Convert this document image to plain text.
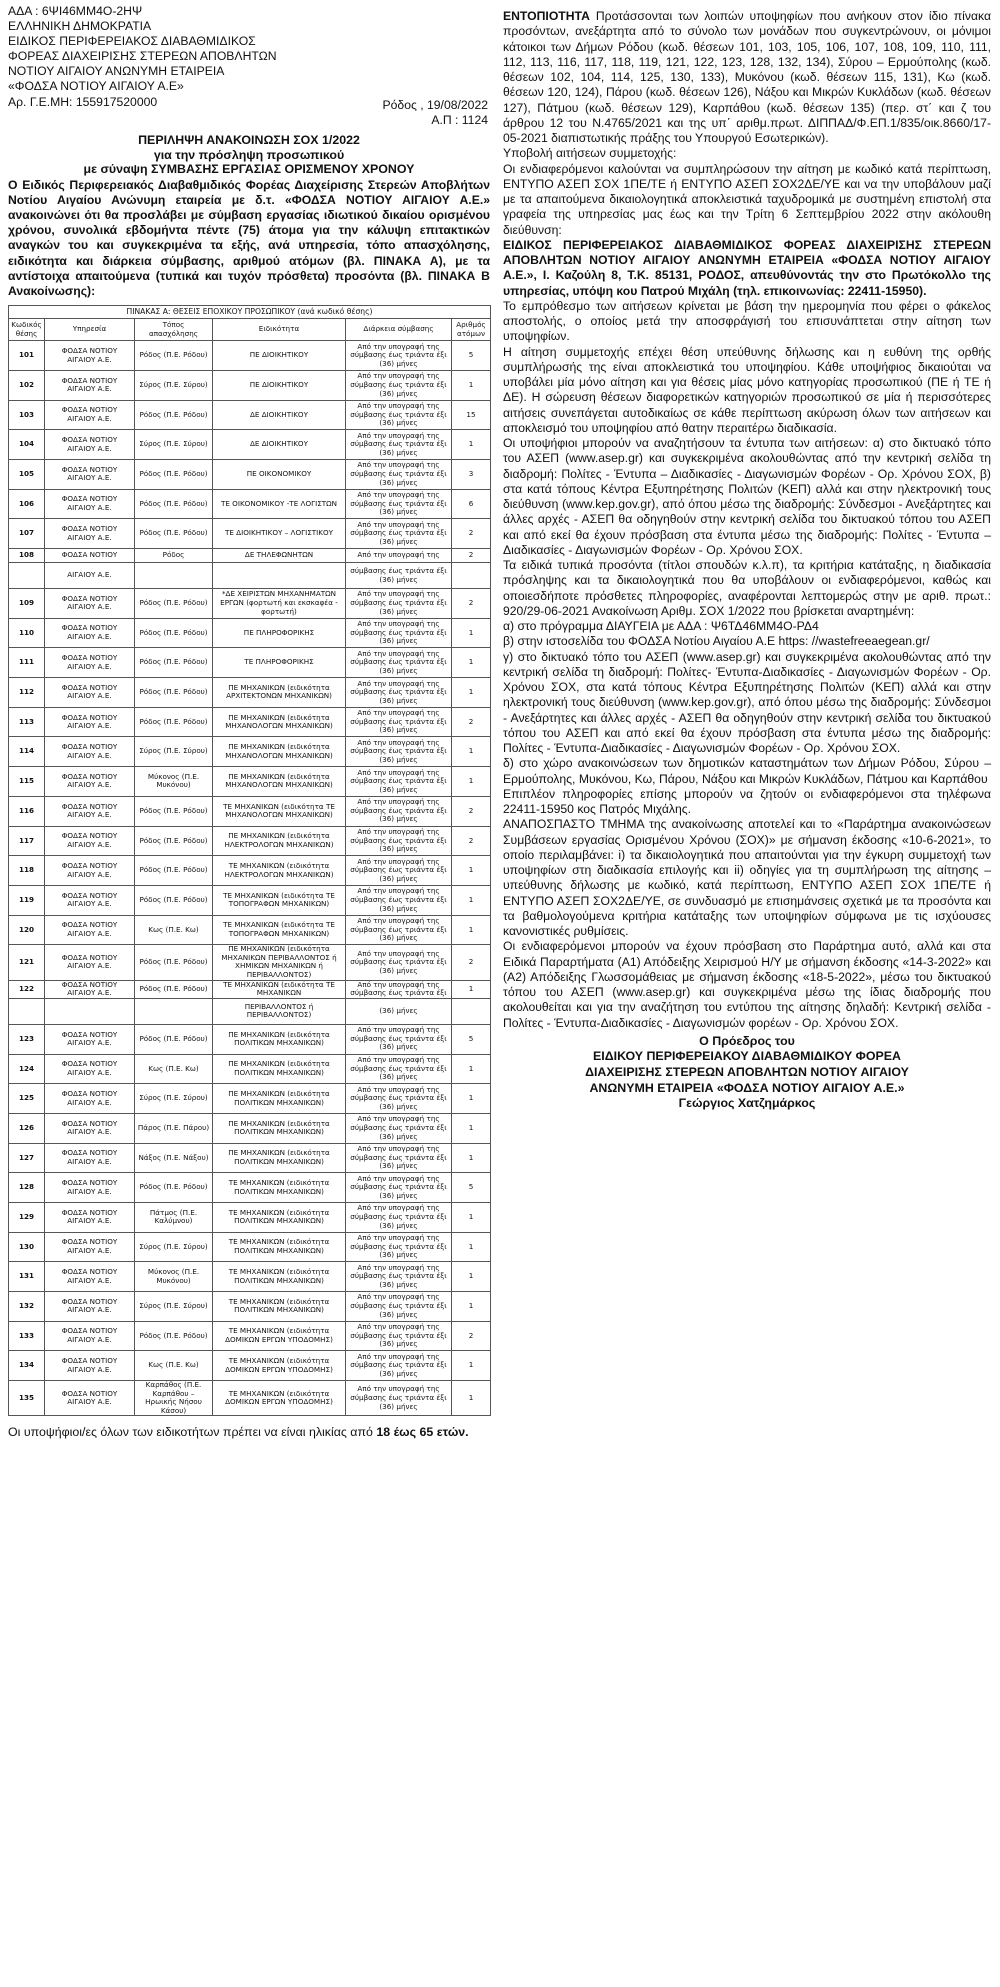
ΑΔΑ : 6ΨΙ46ΜΜ4Ο-2ΗΨ
ΕΛΛΗΝΙΚΗ ΔΗΜΟΚΡΑΤΙΑ
ΕΙΔΙΚΟΣ ΠΕΡΙΦΕΡΕΙΑΚΟΣ ΔΙΑΒΑΘΜΙΔΙΚΟΣ
ΦΟΡΕΑΣ ΔΙΑΧΕΙΡΙΣΗΣ ΣΤΕΡΕΩΝ ΑΠΟΒΛΗΤΩΝ
ΝΟΤΙΟΥ ΑΙΓΑΙΟΥ ΑΝΩΝΥΜΗ ΕΤΑΙΡΕΙΑ
«ΦΟΔΣΑ ΝΟΤΙΟΥ ΑΙΓΑΙΟΥ Α.Ε»
Αρ. Γ.Ε.ΜΗ: 155917520000	Ρόδος , 19/08/2022
Α.Π : 1124
ΠΕΡΙΛΗΨΗ ΑΝΑΚΟΙΝΩΣΗ ΣΟΧ 1/2022
για την πρόσληψη προσωπικού
με σύναψη ΣΥΜΒΑΣΗΣ ΕΡΓΑΣΙΑΣ ΟΡΙΣΜΕΝΟΥ ΧΡΟΝΟΥ
Ο Ειδικός Περιφερειακός Διαβαθμιδικός Φορέας Διαχείρισης Στερεών Αποβλήτων Νοτίου Αιγαίου Ανώνυμη εταιρεία με δ.τ. «ΦΟΔΣΑ ΝΟΤΙΟΥ ΑΙΓΑΙΟΥ Α.Ε.» ανακοινώνει ότι θα προσλάβει με σύμβαση εργασίας ιδιωτικού δικαίου ορισμένου χρόνου, συνολικά εβδομήντα πέντε (75) άτομα για την κάλυψη επιτακτικών αναγκών του και συγκεκριμένα τα εξής, ανά υπηρεσία, τόπο απασχόλησης, ειδικότητα και διάρκεια σύμβασης, αριθμού ατόμων (βλ. ΠΙΝΑΚΑ Α), με τα αντίστοιχα απαιτούμενα (τυπικά και τυχόν πρόσθετα) προσόντα (βλ. ΠΙΝΑΚΑ Β Ανακοίνωσης):
ΠΙΝΑΚΑΣ Α: ΘΕΣΕΙΣ ΕΠΟΧΙΚΟΥ ΠΡΟΣΩΠΙΚΟΥ (ανά κωδικό θέσης)					
Κωδικός θέσης	Υπηρεσία	Τόπος απασχόλησης	Ειδικότητα	Διάρκεια σύμβασης	Αριθμός ατόμων
101	ΦΟΔΣΑ ΝΟΤΙΟΥ ΑΙΓΑΙΟΥ Α.Ε.	Ρόδος (Π.Ε. Ρόδου)	ΠΕ ΔΙΟΙΚΗΤΙΚΟΥ	Από την υπογραφή της σύμβασης έως τριάντα έξι (36) μήνες	5
102	ΦΟΔΣΑ ΝΟΤΙΟΥ ΑΙΓΑΙΟΥ Α.Ε.	Σύρος (Π.Ε. Σύρου)	ΠΕ ΔΙΟΙΚΗΤΙΚΟΥ	Από την υπογραφή της σύμβασης έως τριάντα έξι (36) μήνες	1
103	ΦΟΔΣΑ ΝΟΤΙΟΥ ΑΙΓΑΙΟΥ Α.Ε.	Ρόδος (Π.Ε. Ρόδου)	ΔΕ ΔΙΟΙΚΗΤΙΚΟΥ	Από την υπογραφή της σύμβασης έως τριάντα έξι (36) μήνες	15
104	ΦΟΔΣΑ ΝΟΤΙΟΥ ΑΙΓΑΙΟΥ Α.Ε.	Σύρος (Π.Ε. Σύρου)	ΔΕ ΔΙΟΙΚΗΤΙΚΟΥ	Από την υπογραφή της σύμβασης έως τριάντα έξι (36) μήνες	1
105	ΦΟΔΣΑ ΝΟΤΙΟΥ ΑΙΓΑΙΟΥ Α.Ε.	Ρόδος (Π.Ε. Ρόδου)	ΠΕ ΟΙΚΟΝΟΜΙΚΟΥ	Από την υπογραφή της σύμβασης έως τριάντα έξι (36) μήνες	3
106	ΦΟΔΣΑ ΝΟΤΙΟΥ ΑΙΓΑΙΟΥ Α.Ε.	Ρόδος (Π.Ε. Ρόδου)	ΤΕ ΟΙΚΟΝΟΜΙΚΟΥ -ΤΕ ΛΟΓΙΣΤΩΝ	Από την υπογραφή της σύμβασης έως τριάντα έξι (36) μήνες	6
107	ΦΟΔΣΑ ΝΟΤΙΟΥ ΑΙΓΑΙΟΥ Α.Ε.	Ρόδος (Π.Ε. Ρόδου)	ΤΕ ΔΙΟΙΚΗΤΙΚΟΥ – ΛΟΓΙΣΤΙΚΟΥ	Από την υπογραφή της σύμβασης έως τριάντα έξι (36) μήνες	2
108	ΦΟΔΣΑ ΝΟΤΙΟΥ	Ρόδος	ΔΕ ΤΗΛΕΦΩΝΗΤΩΝ	Από την υπογραφή της	2
	ΑΙΓΑΙΟΥ Α.Ε.			σύμβασης έως τριάντα έξι (36) μήνες	
109	ΦΟΔΣΑ ΝΟΤΙΟΥ ΑΙΓΑΙΟΥ Α.Ε.	Ρόδος (Π.Ε. Ρόδου)	*ΔΕ ΧΕΙΡΙΣΤΩΝ ΜΗΧΑΝΗΜΑΤΩΝ ΕΡΓΩΝ (φορτωτή και εκσκαφέα - φορτωτή)	Από την υπογραφή της σύμβασης έως τριάντα έξι (36) μήνες	2
110	ΦΟΔΣΑ ΝΟΤΙΟΥ ΑΙΓΑΙΟΥ Α.Ε.	Ρόδος (Π.Ε. Ρόδου)	ΠΕ ΠΛΗΡΟΦΟΡΙΚΗΣ	Από την υπογραφή της σύμβασης έως τριάντα έξι (36) μήνες	1
111	ΦΟΔΣΑ ΝΟΤΙΟΥ ΑΙΓΑΙΟΥ Α.Ε.	Ρόδος (Π.Ε. Ρόδου)	ΤΕ ΠΛΗΡΟΦΟΡΙΚΗΣ	Από την υπογραφή της σύμβασης έως τριάντα έξι (36) μήνες	1
112	ΦΟΔΣΑ ΝΟΤΙΟΥ ΑΙΓΑΙΟΥ Α.Ε.	Ρόδος (Π.Ε. Ρόδου)	ΠΕ ΜΗΧΑΝΙΚΩΝ (ειδικότητα ΑΡΧΙΤΕΚΤΟΝΩΝ ΜΗΧΑΝΙΚΩΝ)	Από την υπογραφή της σύμβασης έως τριάντα έξι (36) μήνες	1
113	ΦΟΔΣΑ ΝΟΤΙΟΥ ΑΙΓΑΙΟΥ Α.Ε.	Ρόδος (Π.Ε. Ρόδου)	ΠΕ ΜΗΧΑΝΙΚΩΝ (ειδικότητα ΜΗΧΑΝΟΛΟΓΩΝ ΜΗΧΑΝΙΚΩΝ)	Από την υπογραφή της σύμβασης έως τριάντα έξι (36) μήνες	2
114	ΦΟΔΣΑ ΝΟΤΙΟΥ ΑΙΓΑΙΟΥ Α.Ε.	Σύρος (Π.Ε. Σύρου)	ΠΕ ΜΗΧΑΝΙΚΩΝ (ειδικότητα ΜΗΧΑΝΟΛΟΓΩΝ ΜΗΧΑΝΙΚΩΝ)	Από την υπογραφή της σύμβασης έως τριάντα έξι (36) μήνες	1
115	ΦΟΔΣΑ ΝΟΤΙΟΥ ΑΙΓΑΙΟΥ Α.Ε.	Μύκονος (Π.Ε. Μυκόνου)	ΠΕ ΜΗΧΑΝΙΚΩΝ (ειδικότητα ΜΗΧΑΝΟΛΟΓΩΝ ΜΗΧΑΝΙΚΩΝ)	Από την υπογραφή της σύμβασης έως τριάντα έξι (36) μήνες	1
116	ΦΟΔΣΑ ΝΟΤΙΟΥ ΑΙΓΑΙΟΥ Α.Ε.	Ρόδος (Π.Ε. Ρόδου)	ΤΕ ΜΗΧΑΝΙΚΩΝ (ειδικότητα ΤΕ ΜΗΧΑΝΟΛΟΓΩΝ ΜΗΧΑΝΙΚΩΝ)	Από την υπογραφή της σύμβασης έως τριάντα έξι (36) μήνες	2
117	ΦΟΔΣΑ ΝΟΤΙΟΥ ΑΙΓΑΙΟΥ Α.Ε.	Ρόδος (Π.Ε. Ρόδου)	ΠΕ ΜΗΧΑΝΙΚΩΝ (ειδικότητα ΗΛΕΚΤΡΟΛΟΓΩΝ ΜΗΧΑΝΙΚΩΝ)	Από την υπογραφή της σύμβασης έως τριάντα έξι (36) μήνες	2
118	ΦΟΔΣΑ ΝΟΤΙΟΥ ΑΙΓΑΙΟΥ Α.Ε.	Ρόδος (Π.Ε. Ρόδου)	ΤΕ ΜΗΧΑΝΙΚΩΝ (ειδικότητα ΗΛΕΚΤΡΟΛΟΓΩΝ ΜΗΧΑΝΙΚΩΝ)	Από την υπογραφή της σύμβασης έως τριάντα έξι (36) μήνες	1
119	ΦΟΔΣΑ ΝΟΤΙΟΥ ΑΙΓΑΙΟΥ Α.Ε.	Ρόδος (Π.Ε. Ρόδου)	ΤΕ ΜΗΧΑΝΙΚΩΝ (ειδικότητα ΤΕ ΤΟΠΟΓΡΑΦΩΝ ΜΗΧΑΝΙΚΩΝ)	Από την υπογραφή της σύμβασης έως τριάντα έξι (36) μήνες	1
120	ΦΟΔΣΑ ΝΟΤΙΟΥ ΑΙΓΑΙΟΥ Α.Ε.	Κως (Π.Ε. Κω)	ΤΕ ΜΗΧΑΝΙΚΩΝ (ειδικότητα ΤΕ ΤΟΠΟΓΡΑΦΩΝ ΜΗΧΑΝΙΚΩΝ)	Από την υπογραφή της σύμβασης έως τριάντα έξι (36) μήνες	1
121	ΦΟΔΣΑ ΝΟΤΙΟΥ ΑΙΓΑΙΟΥ Α.Ε.	Ρόδος (Π.Ε. Ρόδου)	ΠΕ ΜΗΧΑΝΙΚΩΝ (ειδικότητα ΜΗΧΑΝΙΚΩΝ ΠΕΡΙΒΑΛΛΟΝΤΟΣ ή ΧΗΜΙΚΩΝ ΜΗΧΑΝΙΚΩΝ ή ΠΕΡΙΒΑΛΛΟΝΤΟΣ)	Από την υπογραφή της σύμβασης έως τριάντα έξι (36) μήνες	2
122	ΦΟΔΣΑ ΝΟΤΙΟΥ ΑΙΓΑΙΟΥ Α.Ε.	Ρόδος (Π.Ε. Ρόδου)	ΤΕ ΜΗΧΑΝΙΚΩΝ (ειδικότητα ΤΕ ΜΗΧΑΝΙΚΩΝ	Από την υπογραφή της σύμβασης έως τριάντα έξι	1
			ΠΕΡΙΒΑΛΛΟΝΤΟΣ ή ΠΕΡΙΒΑΛΛΟΝΤΟΣ)	(36) μήνες	
123	ΦΟΔΣΑ ΝΟΤΙΟΥ ΑΙΓΑΙΟΥ Α.Ε.	Ρόδος (Π.Ε. Ρόδου)	ΠΕ ΜΗΧΑΝΙΚΩΝ (ειδικότητα ΠΟΛΙΤΙΚΩΝ ΜΗΧΑΝΙΚΩΝ)	Από την υπογραφή της σύμβασης έως τριάντα έξι (36) μήνες	5
124	ΦΟΔΣΑ ΝΟΤΙΟΥ ΑΙΓΑΙΟΥ Α.Ε.	Κως (Π.Ε. Κω)	ΠΕ ΜΗΧΑΝΙΚΩΝ (ειδικότητα ΠΟΛΙΤΙΚΩΝ ΜΗΧΑΝΙΚΩΝ)	Από την υπογραφή της σύμβασης έως τριάντα έξι (36) μήνες	1
125	ΦΟΔΣΑ ΝΟΤΙΟΥ ΑΙΓΑΙΟΥ Α.Ε.	Σύρος (Π.Ε. Σύρου)	ΠΕ ΜΗΧΑΝΙΚΩΝ (ειδικότητα ΠΟΛΙΤΙΚΩΝ ΜΗΧΑΝΙΚΩΝ)	Από την υπογραφή της σύμβασης έως τριάντα έξι (36) μήνες	1
126	ΦΟΔΣΑ ΝΟΤΙΟΥ ΑΙΓΑΙΟΥ Α.Ε.	Πάρος (Π.Ε. Πάρου)	ΠΕ ΜΗΧΑΝΙΚΩΝ (ειδικότητα ΠΟΛΙΤΙΚΩΝ ΜΗΧΑΝΙΚΩΝ)	Από την υπογραφή της σύμβασης έως τριάντα έξι (36) μήνες	1
127	ΦΟΔΣΑ ΝΟΤΙΟΥ ΑΙΓΑΙΟΥ Α.Ε.	Νάξος (Π.Ε. Νάξου)	ΠΕ ΜΗΧΑΝΙΚΩΝ (ειδικότητα ΠΟΛΙΤΙΚΩΝ ΜΗΧΑΝΙΚΩΝ)	Από την υπογραφή της σύμβασης έως τριάντα έξι (36) μήνες	1
128	ΦΟΔΣΑ ΝΟΤΙΟΥ ΑΙΓΑΙΟΥ Α.Ε.	Ρόδος (Π.Ε. Ρόδου)	ΤΕ ΜΗΧΑΝΙΚΩΝ (ειδικότητα ΠΟΛΙΤΙΚΩΝ ΜΗΧΑΝΙΚΩΝ)	Από την υπογραφή της σύμβασης έως τριάντα έξι (36) μήνες	5
129	ΦΟΔΣΑ ΝΟΤΙΟΥ ΑΙΓΑΙΟΥ Α.Ε.	Πάτμος (Π.Ε. Καλύμνου)	ΤΕ ΜΗΧΑΝΙΚΩΝ (ειδικότητα ΠΟΛΙΤΙΚΩΝ ΜΗΧΑΝΙΚΩΝ)	Από την υπογραφή της σύμβασης έως τριάντα έξι (36) μήνες	1
130	ΦΟΔΣΑ ΝΟΤΙΟΥ ΑΙΓΑΙΟΥ Α.Ε.	Σύρος (Π.Ε. Σύρου)	ΤΕ ΜΗΧΑΝΙΚΩΝ (ειδικότητα ΠΟΛΙΤΙΚΩΝ ΜΗΧΑΝΙΚΩΝ)	Από την υπογραφή της σύμβασης έως τριάντα έξι (36) μήνες	1
131	ΦΟΔΣΑ ΝΟΤΙΟΥ ΑΙΓΑΙΟΥ Α.Ε.	Μύκονος (Π.Ε. Μυκόνου)	ΤΕ ΜΗΧΑΝΙΚΩΝ (ειδικότητα ΠΟΛΙΤΙΚΩΝ ΜΗΧΑΝΙΚΩΝ)	Από την υπογραφή της σύμβασης έως τριάντα έξι (36) μήνες	1
132	ΦΟΔΣΑ ΝΟΤΙΟΥ ΑΙΓΑΙΟΥ Α.Ε.	Σύρος (Π.Ε. Σύρου)	ΤΕ ΜΗΧΑΝΙΚΩΝ (ειδικότητα ΠΟΛΙΤΙΚΩΝ ΜΗΧΑΝΙΚΩΝ)	Από την υπογραφή της σύμβασης έως τριάντα έξι (36) μήνες	1
133	ΦΟΔΣΑ ΝΟΤΙΟΥ ΑΙΓΑΙΟΥ Α.Ε.	Ρόδος (Π.Ε. Ρόδου)	ΤΕ ΜΗΧΑΝΙΚΩΝ (ειδικότητα ΔΟΜΙΚΩΝ ΕΡΓΩΝ ΥΠΟΔΟΜΗΣ)	Από την υπογραφή της σύμβασης έως τριάντα έξι (36) μήνες	2
134	ΦΟΔΣΑ ΝΟΤΙΟΥ ΑΙΓΑΙΟΥ Α.Ε.	Κως (Π.Ε. Κω)	ΤΕ ΜΗΧΑΝΙΚΩΝ (ειδικότητα ΔΟΜΙΚΩΝ ΕΡΓΩΝ ΥΠΟΔΟΜΗΣ)	Από την υπογραφή της σύμβασης έως τριάντα έξι (36) μήνες	1
135	ΦΟΔΣΑ ΝΟΤΙΟΥ ΑΙΓΑΙΟΥ Α.Ε.	Καρπάθος (Π.Ε. Καρπάθου – Ηρωικής Νήσου Κάσου)	ΤΕ ΜΗΧΑΝΙΚΩΝ (ειδικότητα ΔΟΜΙΚΩΝ ΕΡΓΩΝ ΥΠΟΔΟΜΗΣ)	Από την υπογραφή της σύμβασης έως τριάντα έξι (36) μήνες	1
Οι υποψήφιοι/ες όλων των ειδικοτήτων πρέπει να είναι ηλικίας από 18 έως 65 ετών.

ΕΝΤΟΠΙΟΤΗΤΑ Προτάσσονται των λοιπών υποψηφίων που ανήκουν στον ίδιο πίνακα προσόντων, ανεξάρτητα από το σύνολο των μονάδων που συγκεντρώνουν, οι μόνιμοι κάτοικοι των Δήμων Ρόδου (κωδ. θέσεων 101, 103, 105, 106, 107, 108, 109, 110, 111, 112, 113, 116, 117, 118, 119, 121, 122, 123, 128, 132, 134), Σύρου – Ερμούπολης (κωδ. θέσεων 102, 104, 114, 125, 130, 133), Μυκόνου (κωδ. θέσεων 115, 131), Κω (κωδ. θέσεων 120, 124), Πάρου (κωδ. θέσεων 126), Νάξου και Μικρών Κυκλάδων (κωδ. θέσεων 127), Πάτμου (κωδ. θέσεων 129), Καρπάθου (κωδ. θέσεων 135) (περ. στ΄ και ζ του άρθρου 12 του Ν.4765/2021 και της υπ΄ αριθμ.πρωτ. ΔΙΠΠΑΔ/Φ.ΕΠ.1/835/οικ.8660/17-05-2021 διαπιστωτικής πράξης του Υπουργού Εσωτερικών).

Υποβολή αιτήσεων συμμετοχής:

Οι ενδιαφερόμενοι καλούνται να συμπληρώσουν την αίτηση με κωδικό κατά περίπτωση, ΕΝΤΥΠΟ ΑΣΕΠ ΣΟΧ 1ΠΕ/ΤΕ ή ΕΝΤΥΠΟ ΑΣΕΠ ΣΟΧ2ΔΕ/ΥΕ και να την υποβάλουν μαζί με τα απαιτούμενα δικαιολογητικά αποκλειστικά ταχυδρομικά με συστημένη επιστολή στα γραφεία της υπηρεσίας μας έως και την Τρίτη 6 Σεπτεμβρίου 2022 στην ακόλουθη διεύθυνση:

ΕΙΔΙΚΟΣ ΠΕΡΙΦΕΡΕΙΑΚΟΣ ΔΙΑΒΑΘΜΙΔΙΚΟΣ ΦΟΡΕΑΣ ΔΙΑΧΕΙΡΙΣΗΣ ΣΤΕΡΕΩΝ ΑΠΟΒΛΗΤΩΝ ΝΟΤΙΟΥ ΑΙΓΑΙΟΥ ΑΝΩΝΥΜΗ ΕΤΑΙΡΕΙΑ «ΦΟΔΣΑ ΝΟΤΙΟΥ ΑΙΓΑΙΟΥ Α.Ε.», Ι. Καζούλη 8, Τ.Κ. 85131, ΡΟΔΟΣ, απευθύνοντάς την στο Πρωτόκολλο της υπηρεσίας, υπόψη κου Πατρού Μιχάλη (τηλ. επικοινωνίας: 22411-15950).

Το εμπρόθεσμο των αιτήσεων κρίνεται με βάση την ημερομηνία που φέρει ο φάκελος αποστολής, ο οποίος μετά την αποσφράγισή του επισυνάπτεται στην αίτηση των υποψηφίων.

Η αίτηση συμμετοχής επέχει θέση υπεύθυνης δήλωσης και η ευθύνη της ορθής συμπλήρωσής της είναι αποκλειστικά του υποψηφίου. Κάθε υποψήφιος δικαιούται να υποβάλει μία μόνο αίτηση και για θέσεις μίας μόνο κατηγορίας προσωπικού (ΠΕ ή ΤΕ ή ΔΕ). Η σώρευση θέσεων διαφορετικών κατηγοριών προσωπικού σε μία ή περισσότερες αιτήσεις συνεπάγεται αυτοδικαίως σε κάθε περίπτωση ακύρωση όλων των αιτήσεων και αποκλεισμό του υποψηφίου από θατην περαιτέρω διαδικασία.

Οι υποψήφιοι μπορούν να αναζητήσουν τα έντυπα των αιτήσεων: α) στο δικτυακό τόπο του ΑΣΕΠ (www.asep.gr) και συγκεκριμένα ακολουθώντας από την κεντρική σελίδα τη διαδρομή: Πολίτες - Έντυπα – Διαδικασίες - Διαγωνισμών Φορέων - Ορ. Χρόνου ΣΟΧ, β) στα κατά τόπους Κέντρα Εξυπηρέτησης Πολιτών (ΚΕΠ) αλλά και στην ηλεκτρονική τους διεύθυνση (www.kep.gov.gr), από όπου μέσω της διαδρομής: Σύνδεσμοι - Ανεξάρτητες και άλλες αρχές - ΑΣΕΠ θα οδηγηθούν στην κεντρική σελίδα του δικτυακού τόπου του ΑΣΕΠ και από εκεί θα έχουν πρόσβαση στα έντυπα μέσω της διαδρομής: Πολίτες - Έντυπα – Διαδικασίες - Διαγωνισμών Φορέων - Ορ. Χρόνου ΣΟΧ.

Τα ειδικά τυπικά προσόντα (τίτλοι σπουδών κ.λ.π), τα κριτήρια κατάταξης, η διαδικασία πρόσληψης και τα δικαιολογητικά που θα υποβάλουν οι ενδιαφερόμενοι, καθώς και οποιεσδήποτε πρόσθετες πληροφορίες, αναφέρονται λεπτομερώς στην με αριθ. πρωτ.: 920/29-06-2021 Ανακοίνωση Αριθμ. ΣΟΧ 1/2022 που βρίσκεται αναρτημένη:

α) στο πρόγραμμα ΔΙΑΥΓΕΙΑ με ΑΔΑ : Ψ6ΤΔ46ΜΜ4Ο-ΡΔ4

β) στην ιστοσελίδα του ΦΟΔΣΑ Νοτίου Αιγαίου Α.Ε https: //wastefreeaegean.gr/

γ) στο δικτυακό τόπο του ΑΣΕΠ (www.asep.gr) και συγκεκριμένα ακολουθώντας από την κεντρική σελίδα τη διαδρομή: Πολίτες- Έντυπα-Διαδικασίες - Διαγωνισμών Φορέων - Ορ. Χρόνου ΣΟΧ, στα κατά τόπους Κέντρα Εξυπηρέτησης Πολιτών (ΚΕΠ) αλλά και στην ηλεκτρονική τους διεύθυνση (www.kep.gov.gr), από όπου μέσω της διαδρομής: Σύνδεσμοι - Ανεξάρτητες και άλλες αρχές - ΑΣΕΠ θα οδηγηθούν στην κεντρική σελίδα του δικτυακού τόπου του ΑΣΕΠ και από εκεί θα έχουν πρόσβαση στα έντυπα μέσω της διαδρομής: Πολίτες - Έντυπα-Διαδικασίες - Διαγωνισμών Φορέων - Ορ. Χρόνου ΣΟΧ.

δ) στο χώρο ανακοινώσεων των δημοτικών καταστημάτων των Δήμων Ρόδου, Σύρου – Ερμούπολης, Μυκόνου, Κω, Πάρου, Νάξου και Μικρών Κυκλάδων, Πάτμου και Καρπάθου

Επιπλέον πληροφορίες επίσης μπορούν να ζητούν οι ενδιαφερόμενοι στα τηλέφωνα 22411-15950 κος Πατρός Μιχάλης.

ΑΝΑΠΟΣΠΑΣΤΟ ΤΜΗΜΑ της ανακοίνωσης αποτελεί και το «Παράρτημα ανακοινώσεων Συμβάσεων εργασίας Ορισμένου Χρόνου (ΣΟΧ)» με σήμανση έκδοσης «10-6-2021», το οποίο περιλαμβάνει: i) τα δικαιολογητικά που απαιτούνται για την έγκυρη συμμετοχή των υποψηφίων στη διαδικασία επιλογής και ii) οδηγίες για τη συμπλήρωση της αίτησης – υπεύθυνης δήλωσης με κωδικό, κατά περίπτωση, ΕΝΤΥΠΟ ΑΣΕΠ ΣΟΧ 1ΠΕ/ΤΕ ή ΕΝΤΥΠΟ ΑΣΕΠ ΣΟΧ2ΔΕ/ΥΕ, σε συνδυασμό με επισημάνσεις σχετικά με τα προσόντα και τα βαθμολογούμενα κριτήρια κατάταξης των υποψηφίων σύμφωνα με τις ισχύουσες κανονιστικές ρυθμίσεις.

Οι ενδιαφερόμενοι μπορούν να έχουν πρόσβαση στο Παράρτημα αυτό, αλλά και στα Ειδικά Παραρτήματα (Α1) Απόδειξης Χειρισμού Η/Υ με σήμανση έκδοσης «14-3-2022» και (Α2) Απόδειξης Γλωσσομάθειας με σήμανση έκδοσης «18-5-2022», μέσω του δικτυακού τόπου του ΑΣΕΠ (www.asep.gr) και συγκεκριμένα μέσω της ίδιας διαδρομής που ακολουθείται και για την αναζήτηση του εντύπου της αίτησης δηλαδή: Κεντρική σελίδα - Πολίτες - Έντυπα-Διαδικασίες - Διαγωνισμών φορέων - Ορ. Χρόνου ΣΟΧ.

Ο Πρόεδρος του
ΕΙΔΙΚΟΥ ΠΕΡΙΦΕΡΕΙΑΚΟΥ ΔΙΑΒΑΘΜΙΔΙΚΟΥ ΦΟΡΕΑ
ΔΙΑΧΕΙΡΙΣΗΣ ΣΤΕΡΕΩΝ ΑΠΟΒΛΗΤΩΝ ΝΟΤΙΟΥ ΑΙΓΑΙΟΥ
ΑΝΩΝΥΜΗ ΕΤΑΙΡΕΙΑ «ΦΟΔΣΑ ΝΟΤΙΟΥ ΑΙΓΑΙΟΥ Α.Ε.»
Γεώργιος Χατζημάρκος
